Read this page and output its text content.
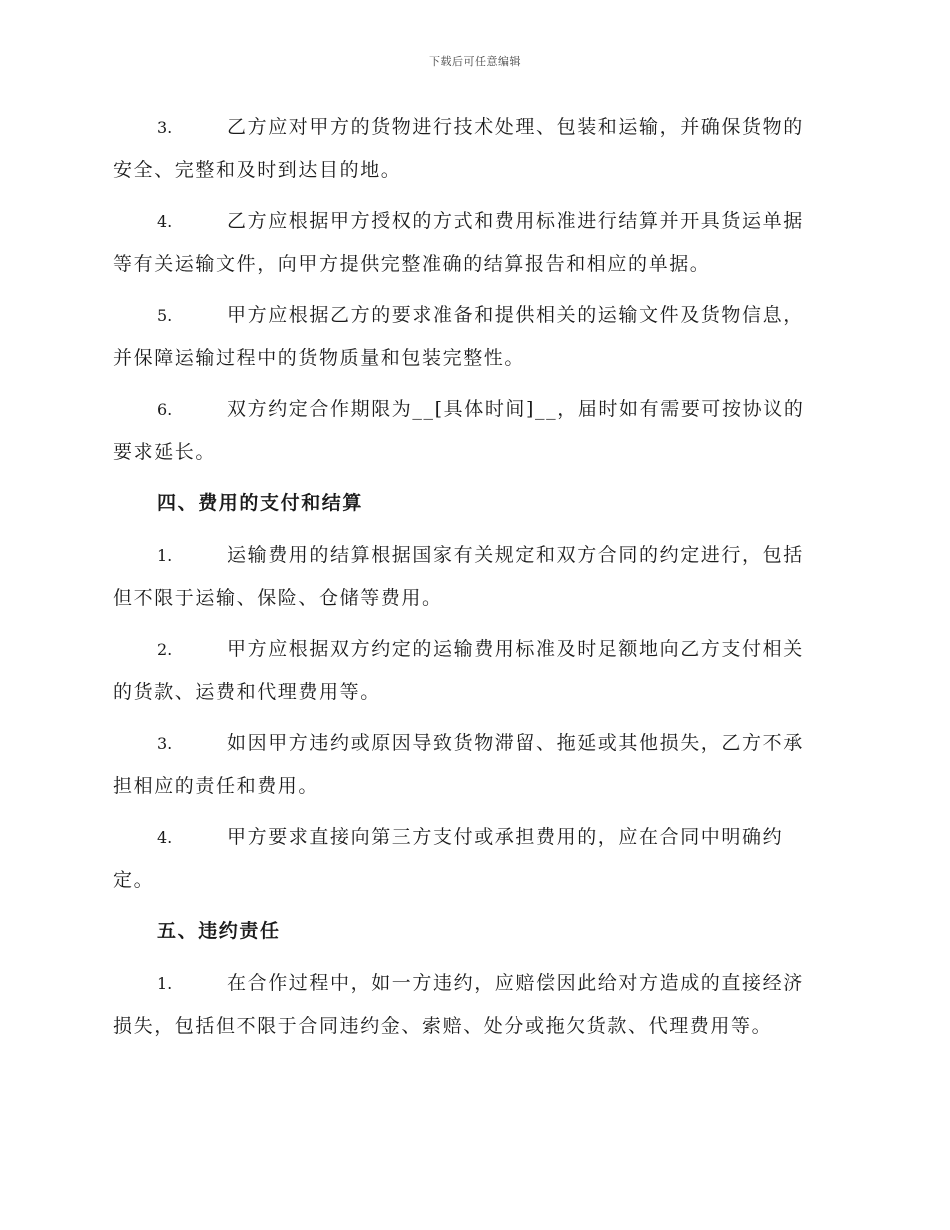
下载后可任意编辑
3.	乙方应对甲方的货物进行技术处理、包装和运输，并确保货物的
安全、完整和及时到达目的地。
4.	乙方应根据甲方授权的方式和费用标准进行结算并开具货运单据
等有关运输文件，向甲方提供完整准确的结算报告和相应的单据。
5.	甲方应根据乙方的要求准备和提供相关的运输文件及货物信息，
并保障运输过程中的货物质量和包装完整性。
6.	双方约定合作期限为__[具体时间]__，届时如有需要可按协议的
要求延长。
四、费用的支付和结算
1.	运输费用的结算根据国家有关规定和双方合同的约定进行，包括
但不限于运输、保险、仓储等费用。
2.	甲方应根据双方约定的运输费用标准及时足额地向乙方支付相关
的货款、运费和代理费用等。
3.	如因甲方违约或原因导致货物滞留、拖延或其他损失，乙方不承
担相应的责任和费用。
4.	甲方要求直接向第三方支付或承担费用的，应在合同中明确约
定。
五、违约责任
1.	在合作过程中，如一方违约，应赔偿因此给对方造成的直接经济
损失，包括但不限于合同违约金、索赔、处分或拖欠货款、代理费用等。
